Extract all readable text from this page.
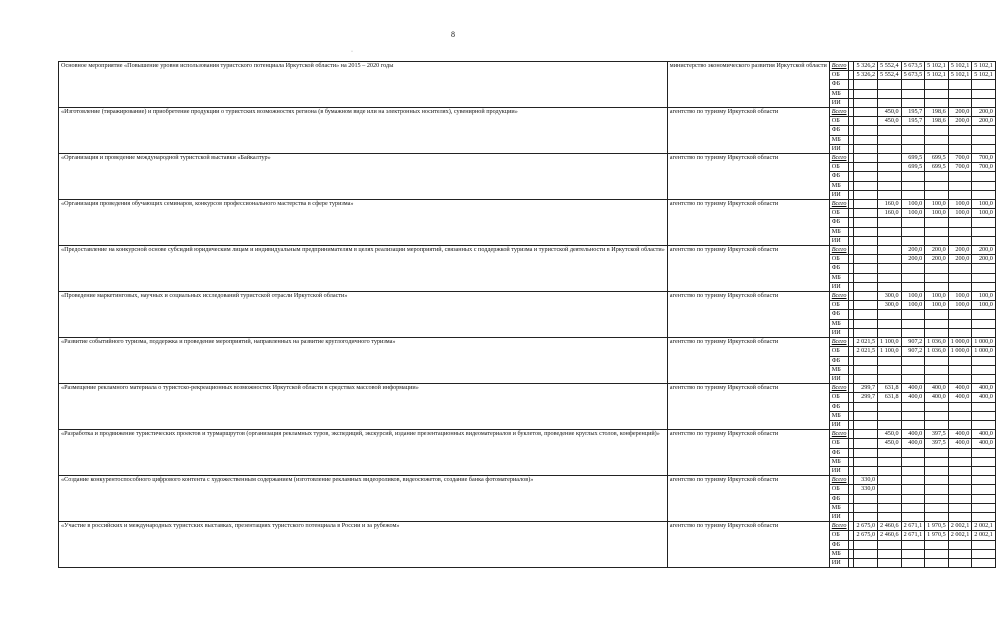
8
·
Основное мероприятие «Повышение уровня использования туристского потенциала Иркутской области» на 2015 – 2020 годы	министерство экономического развития Иркутской области	Всего		5 326,2	5 552,4	5 673,5	5 102,1	5 102,1	5 102,1
		ОБ		5 326,2	5 552,4	5 673,5	5 102,1	5 102,1	5 102,1
		ФБ							
		МБ							
		ИИ							
«Изготовление (тиражирование) и приобретение продукции о туристских возможностях региона (в бумажном виде или на электронных носителях), сувенирной продукции»	агентство по туризму Иркутской области	Всего			450,0	195,7	198,6	200,0	200,0
		ОБ			450,0	195,7	198,6	200,0	200,0
		ФБ							
		МБ							
		ИИ							
«Организация и проведение международной туристской выставки «Байкалтур»	агентство по туризму Иркутской области	Всего				699,5	699,5	700,0	700,0
		ОБ				699,5	699,5	700,0	700,0
		ФБ							
		МБ							
		ИИ							
«Организация проведения обучающих семинаров, конкурсов профессионального мастерства в сфере туризма»	агентство по туризму Иркутской области	Всего			160,0	100,0	100,0	100,0	100,0
		ОБ			160,0	100,0	100,0	100,0	100,0
		ФБ							
		МБ							
		ИИ							
«Предоставление на конкурсной основе субсидий юридическим лицам и индивидуальным предпринимателям в целях реализации мероприятий, связанных с поддержкой туризма и туристской деятельности в Иркутской области»	агентство по туризму Иркутской области	Всего				200,0	200,0	200,0	200,0
		ОБ				200,0	200,0	200,0	200,0
		ФБ							
		МБ							
		ИИ							
«Проведение маркетинговых, научных и социальных исследований туристской отрасли Иркутской области»	агентство по туризму Иркутской области	Всего			300,0	100,0	100,0	100,0	100,0
		ОБ			300,0	100,0	100,0	100,0	100,0
		ФБ							
		МБ							
		ИИ							
«Развитие событийного туризма, поддержка и проведение мероприятий, направленных на развитие круглогодичного туризма»	агентство по туризму Иркутской области	Всего		2 021,5	1 100,0	907,2	1 036,0	1 000,0	1 000,0
		ОБ		2 021,5	1 100,0	907,2	1 036,0	1 000,0	1 000,0
		ФБ							
		МБ							
		ИИ							
«Размещение рекламного материала о туристско-рекреационных возможностях Иркутской области в средствах массовой информации»	агентство по туризму Иркутской области	Всего		299,7	631,8	400,0	400,0	400,0	400,0
		ОБ		299,7	631,8	400,0	400,0	400,0	400,0
		ФБ							
		МБ							
		ИИ							
«Разработка и продвижение туристических проектов и турмаршрутов (организация рекламных туров, экспедиций, экскурсий, издание презентационных видеоматериалов и буклетов, проведение круглых столов, конференций)»	агентство по туризму Иркутской области	Всего			450,0	400,0	397,5	400,0	400,0
		ОБ			450,0	400,0	397,5	400,0	400,0
		ФБ							
		МБ							
		ИИ							
«Создание конкурентоспособного цифрового контента с художественным содержанием (изготовление рекламных видеороликов, видеосюжетов, создание банка фотоматериалов)»	агентство по туризму Иркутской области	Всего		330,0					
		ОБ		330,0					
		ФБ							
		МБ							
		ИИ							
«Участие в российских и международных туристских выставках, презентациях туристского потенциала в России и за рубежом»	агентство по туризму Иркутской области	Всего		2 675,0	2 460,6	2 671,1	1 970,5	2 002,1	2 002,1
		ОБ		2 675,0	2 460,6	2 671,1	1 970,5	2 002,1	2 002,1
		ФБ							
		МБ							
		ИИ							
